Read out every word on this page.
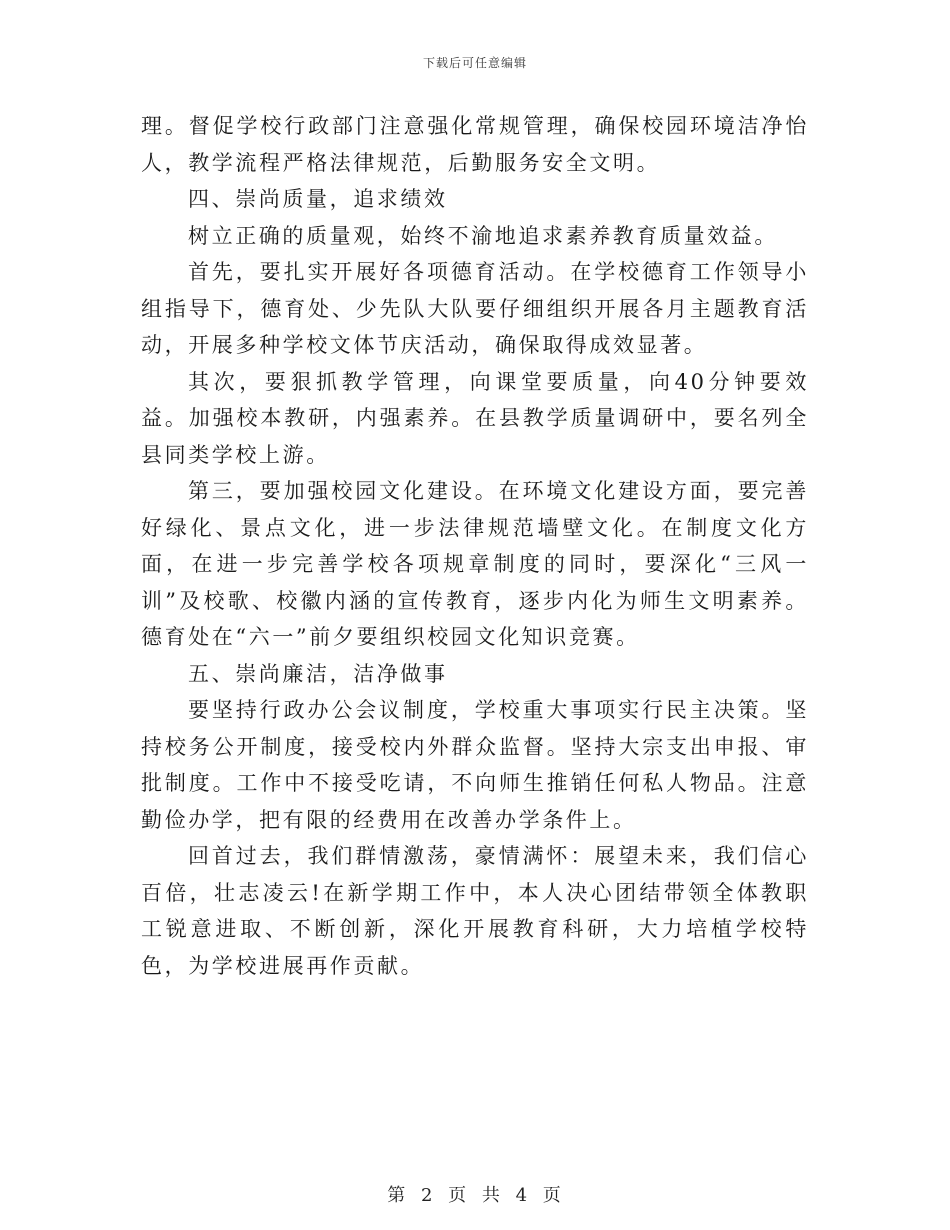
下载后可任意编辑

理。督促学校行政部门注意强化常规管理，确保校园环境洁净怡人，教学流程严格法律规范，后勤服务安全文明。

四、崇尚质量，追求绩效

树立正确的质量观，始终不渝地追求素养教育质量效益。

首先，要扎实开展好各项德育活动。在学校德育工作领导小组指导下，德育处、少先队大队要仔细组织开展各月主题教育活动，开展多种学校文体节庆活动，确保取得成效显著。

其次，要狠抓教学管理，向课堂要质量，向40分钟要效益。加强校本教研，内强素养。在县教学质量调研中，要名列全县同类学校上游。

第三，要加强校园文化建设。在环境文化建设方面，要完善好绿化、景点文化，进一步法律规范墙壁文化。在制度文化方面，在进一步完善学校各项规章制度的同时，要深化“三风一训”及校歌、校徽内涵的宣传教育，逐步内化为师生文明素养。德育处在“六一”前夕要组织校园文化知识竞赛。

五、崇尚廉洁，洁净做事

要坚持行政办公会议制度，学校重大事项实行民主决策。坚持校务公开制度，接受校内外群众监督。坚持大宗支出申报、审批制度。工作中不接受吃请，不向师生推销任何私人物品。注意勤俭办学，把有限的经费用在改善办学条件上。

回首过去，我们群情激荡，豪情满怀：展望未来，我们信心百倍，壮志凌云!在新学期工作中，本人决心团结带领全体教职工锐意进取、不断创新，深化开展教育科研，大力培植学校特色，为学校进展再作贡献。

第 2 页 共 4 页
